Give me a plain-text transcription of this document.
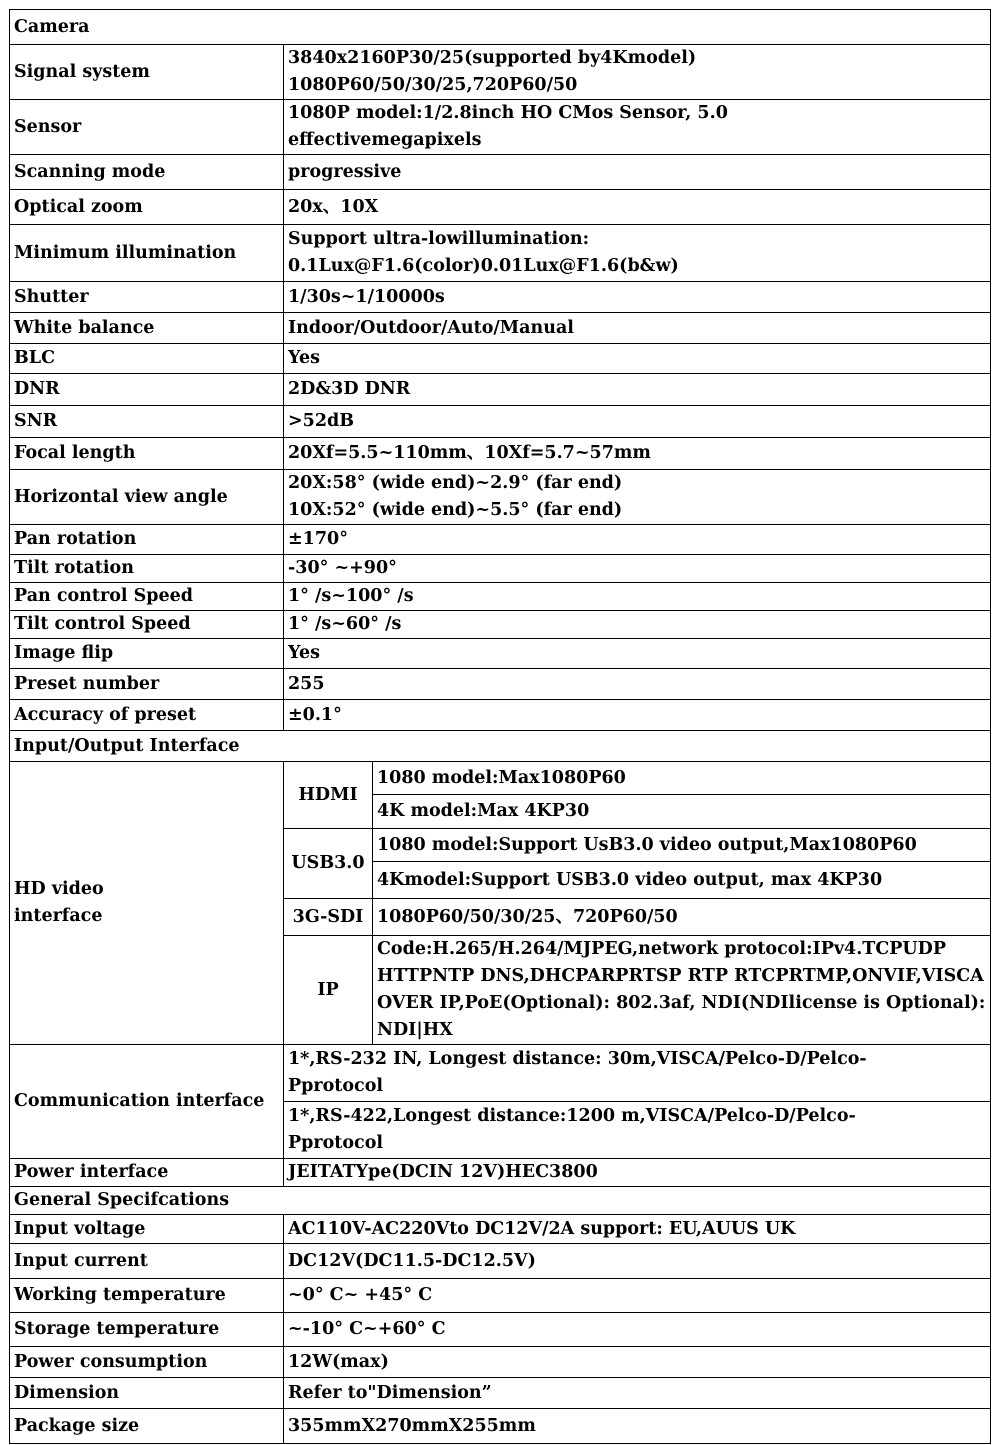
Camera		
Signal system	3840x2160P30/25(supported by4Kmodel)
1080P60/50/30/25,720P60/50	
Sensor	1080P model:1/2.8inch HO CMos Sensor, 5.0
effectivemegapixels	
Scanning mode	progressive	
Optical zoom	20x、10X	
Minimum illumination	Support ultra-lowillumination:
0.1Lux@F1.6(color)0.01Lux@F1.6(b&w)	
Shutter	1/30s~1/10000s	
White balance	Indoor/Outdoor/Auto/Manual	
BLC	Yes	
DNR	2D&3D DNR	
SNR	>52dB	
Focal length	20Xf=5.5~110mm、10Xf=5.7~57mm	
Horizontal view angle	20X:58° (wide end)~2.9° (far end)
10X:52° (wide end)~5.5° (far end)	
Pan rotation	±170°	
Tilt rotation	-30° ~+90°	
Pan control Speed	1° /s~100° /s	
Tilt control Speed	1° /s~60° /s	
Image flip	Yes	
Preset number	255	
Accuracy of preset	±0.1°	
Input/Output Interface		
HD video
interface	HDMI	1080 model:Max1080P60
		4K model:Max 4KP30
	USB3.0	1080 model:Support UsB3.0 video output,Max1080P60
		4Kmodel:Support USB3.0 video output, max 4KP30
	3G-SDI	1080P60/50/30/25、720P60/50
	IP	Code:H.265/H.264/MJPEG,network protocol:IPv4.TCPUDP HTTPNTP DNS,DHCPARPRTSP RTP RTCPRTMP,ONVIF,VISCA OVER IP,PoE(Optional): 802.3af, NDI(NDIlicense is Optional): NDI|HX
Communication interface	1*,RS-232 IN, Longest distance: 30m,VISCA/Pelco-D/Pelco-
Pprotocol	
	1*,RS-422,Longest distance:1200 m,VISCA/Pelco-D/Pelco-
Pprotocol	
Power interface	JEITATYpe(DCIN 12V)HEC3800	
General Specifcations		
Input voltage	AC110V-AC220Vto DC12V/2A support: EU,AUUS UK	
Input current	DC12V(DC11.5-DC12.5V)	
Working temperature	~0° C~ +45° C	
Storage temperature	~-10° C~+60° C	
Power consumption	12W(max)	
Dimension	Refer to"Dimension”	
Package size	355mmX270mmX255mm	
